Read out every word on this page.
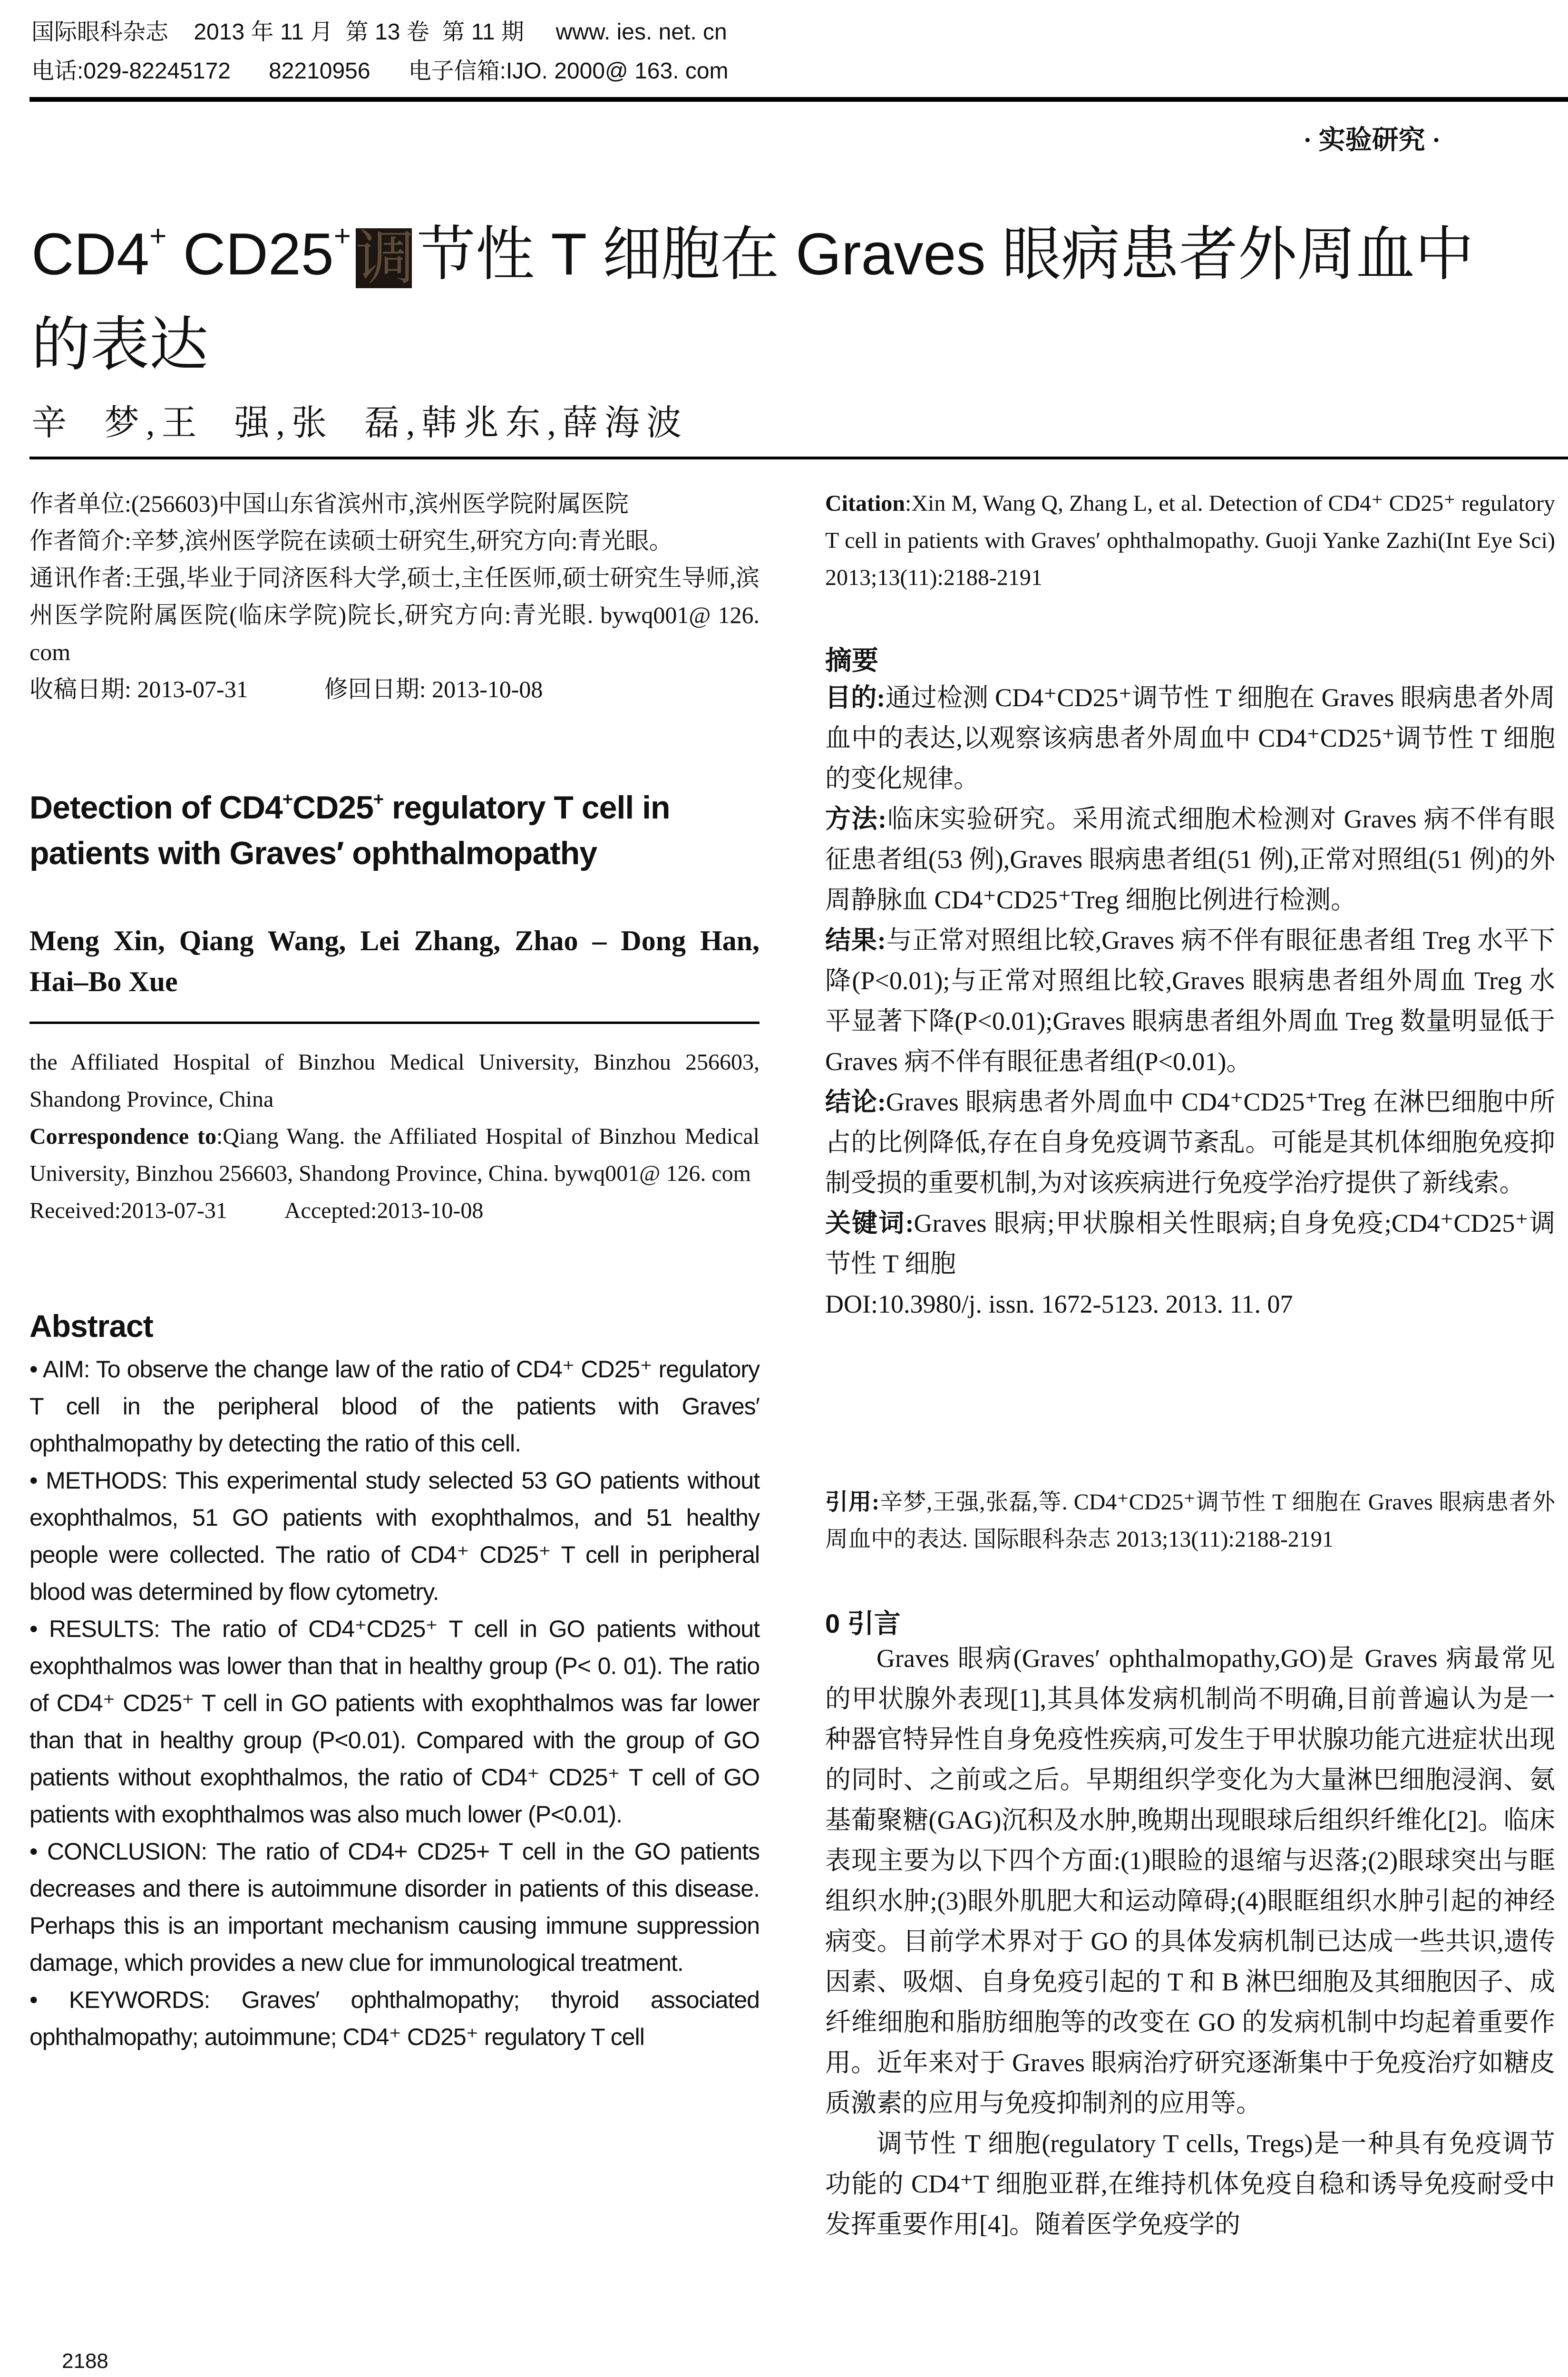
国际眼科杂志 2013 年 11 月 第 13 卷 第 11 期 www. ies. net. cn
电话:029-82245172 82210956 电子信箱:IJO. 2000@ 163. com
· 实验研究 ·
CD4+ CD25+调节性 T 细胞在 Graves 眼病患者外周血中
的表达
辛  梦,王  强,张  磊,韩兆东,薛海波

作者单位:(256603)中国山东省滨州市,滨州医学院附属医院

作者简介:辛梦,滨州医学院在读硕士研究生,研究方向:青光眼。

通讯作者:王强,毕业于同济医科大学,硕士,主任医师,硕士研究生导师,滨州医学院附属医院(临床学院)院长,研究方向:青光眼. bywq001@ 126. com

收稿日期: 2013-07-31	修回日期: 2013-10-08

Detection of CD4+CD25+ regulatory T cell in patients with Graves′ ophthalmopathy
Meng Xin, Qiang Wang, Lei Zhang, Zhao – Dong Han, Hai–Bo Xue
the Affiliated Hospital of Binzhou Medical University, Binzhou 256603, Shandong Province, China
Correspondence to:Qiang Wang. the Affiliated Hospital of Binzhou Medical University, Binzhou 256603, Shandong Province, China. bywq001@ 126. com
Received:2013-07-31	Accepted:2013-10-08
Abstract

• AIM: To observe the change law of the ratio of CD4⁺ CD25⁺ regulatory T cell in the peripheral blood of the patients with Graves′ ophthalmopathy by detecting the ratio of this cell.

• METHODS: This experimental study selected 53 GO patients without exophthalmos, 51 GO patients with exophthalmos, and 51 healthy people were collected. The ratio of CD4⁺ CD25⁺ T cell in peripheral blood was determined by flow cytometry.

• RESULTS: The ratio of CD4⁺CD25⁺ T cell in GO patients without exophthalmos was lower than that in healthy group (P< 0. 01). The ratio of CD4⁺ CD25⁺ T cell in GO patients with exophthalmos was far lower than that in healthy group (P<0.01). Compared with the group of GO patients without exophthalmos, the ratio of CD4⁺ CD25⁺ T cell of GO patients with exophthalmos was also much lower (P<0.01).

• CONCLUSION: The ratio of CD4+ CD25+ T cell in the GO patients decreases and there is autoimmune disorder in patients of this disease. Perhaps this is an important mechanism causing immune suppression damage, which provides a new clue for immunological treatment.

• KEYWORDS: Graves′ ophthalmopathy; thyroid associated ophthalmopathy; autoimmune; CD4⁺ CD25⁺ regulatory T cell

2188
Citation:Xin M, Wang Q, Zhang L, et al. Detection of CD4⁺ CD25⁺ regulatory T cell in patients with Graves′ ophthalmopathy. Guoji Yanke Zazhi(Int Eye Sci) 2013;13(11):2188-2191
摘要

目的:通过检测 CD4⁺CD25⁺调节性 T 细胞在 Graves 眼病患者外周血中的表达,以观察该病患者外周血中 CD4⁺CD25⁺调节性 T 细胞的变化规律。

方法:临床实验研究。采用流式细胞术检测对 Graves 病不伴有眼征患者组(53 例),Graves 眼病患者组(51 例),正常对照组(51 例)的外周静脉血 CD4⁺CD25⁺Treg 细胞比例进行检测。

结果:与正常对照组比较,Graves 病不伴有眼征患者组 Treg 水平下降(P<0.01);与正常对照组比较,Graves 眼病患者组外周血 Treg 水平显著下降(P<0.01);Graves 眼病患者组外周血 Treg 数量明显低于 Graves 病不伴有眼征患者组(P<0.01)。

结论:Graves 眼病患者外周血中 CD4⁺CD25⁺Treg 在淋巴细胞中所占的比例降低,存在自身免疫调节紊乱。可能是其机体细胞免疫抑制受损的重要机制,为对该疾病进行免疫学治疗提供了新线索。

关键词:Graves 眼病;甲状腺相关性眼病;自身免疫;CD4⁺CD25⁺调节性 T 细胞

DOI:10.3980/j. issn. 1672-5123. 2013. 11. 07

引用:辛梦,王强,张磊,等. CD4⁺CD25⁺调节性 T 细胞在 Graves 眼病患者外周血中的表达. 国际眼科杂志 2013;13(11):2188-2191
0 引言

Graves 眼病(Graves′ ophthalmopathy,GO)是 Graves 病最常见的甲状腺外表现[1],其具体发病机制尚不明确,目前普遍认为是一种器官特异性自身免疫性疾病,可发生于甲状腺功能亢进症状出现的同时、之前或之后。早期组织学变化为大量淋巴细胞浸润、氨基葡聚糖(GAG)沉积及水肿,晚期出现眼球后组织纤维化[2]。临床表现主要为以下四个方面:(1)眼睑的退缩与迟落;(2)眼球突出与眶组织水肿;(3)眼外肌肥大和运动障碍;(4)眼眶组织水肿引起的神经病变。目前学术界对于 GO 的具体发病机制已达成一些共识,遗传因素、吸烟、自身免疫引起的 T 和 B 淋巴细胞及其细胞因子、成纤维细胞和脂肪细胞等的改变在 GO 的发病机制中均起着重要作用。近年来对于 Graves 眼病治疗研究逐渐集中于免疫治疗如糖皮质激素的应用与免疫抑制剂的应用等。

调节性 T 细胞(regulatory T cells, Tregs)是一种具有免疫调节功能的 CD4⁺T 细胞亚群,在维持机体免疫自稳和诱导免疫耐受中发挥重要作用[4]。随着医学免疫学的
